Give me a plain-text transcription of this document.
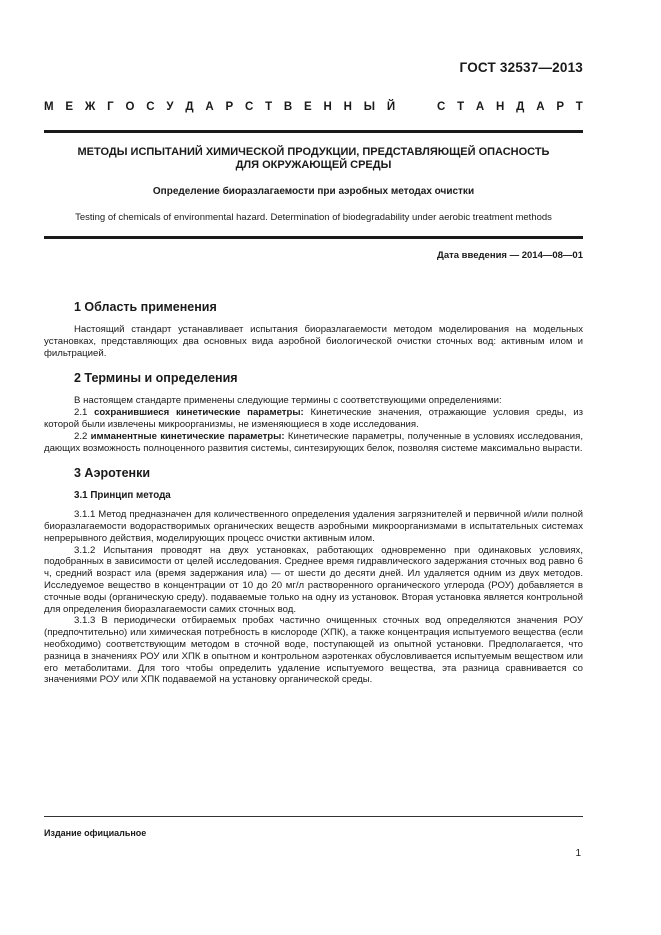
ГОСТ 32537—2013
М Е Ж Г О С У Д А Р С Т В Е Н Н Ы Й

	С Т А Н Д А Р Т
МЕТОДЫ ИСПЫТАНИЙ ХИМИЧЕСКОЙ ПРОДУКЦИИ, ПРЕДСТАВЛЯЮЩЕЙ ОПАСНОСТЬ
ДЛЯ ОКРУЖАЮЩЕЙ СРЕДЫ
Определение биоразлагаемости при аэробных методах очистки
Testing of chemicals of environmental hazard. Determination of biodegradability under aerobic treatment methods
Дата введения — 2014—08—01
1 Область применения

Настоящий стандарт устанавливает испытания биоразлагаемости методом моделирования на модельных установках, представляющих два основных вида аэробной биологической очистки сточных вод: активным илом и фильтрацией.

2 Термины и определения

В настоящем стандарте применены следующие термины с соответствующими определениями:

2.1 сохранившиеся кинетические параметры: Кинетические значения, отражающие условия среды, из которой были извлечены микроорганизмы, не изменяющиеся в ходе исследования.

2.2 имманентные кинетические параметры: Кинетические параметры, полученные в условиях исследования, дающих возможность полноценного развития системы, синтезирующих белок, позволяя системе максимально вырасти.

3 Аэротенки
3.1 Принцип метода

3.1.1 Метод предназначен для количественного определения удаления загрязнителей и первичной и/или полной биоразлагаемости водорастворимых органических веществ аэробными микроорганизмами в испытательных системах непрерывного действия, моделирующих процесс очистки активным илом.

3.1.2 Испытания проводят на двух установках, работающих одновременно при одинаковых условиях, подобранных в зависимости от целей исследования. Среднее время гидравлического задержания сточных вод равно 6 ч, средний возраст ила (время задержания ила) — от шести до десяти дней. Ил удаляется одним из двух методов. Исследуемое вещество в концентрации от 10 до 20 мг/л растворенного органического углерода (РОУ) добавляется в сточные воды (органическую среду). подаваемые только на одну из установок. Вторая установка является контрольной для определения биоразлагаемости самих сточных вод.

3.1.3 В периодически отбираемых пробах частично очищенных сточных вод определяются значения РОУ (предпочтительно) или химическая потребность в кислороде (ХПК), а также концентрация испытуемого вещества (если необходимо) соответствующим методом в сточной воде, поступающей из опытной установки. Предполагается, что разница в значениях РОУ или ХПК в опытном и контрольном аэротенках обусловливается испытуемым веществом или его метаболитами. Для того чтобы определить удаление испытуемого вещества, эта разница сравнивается со значениями РОУ или ХПК подаваемой на установку органической среды.

Издание официальное
1
